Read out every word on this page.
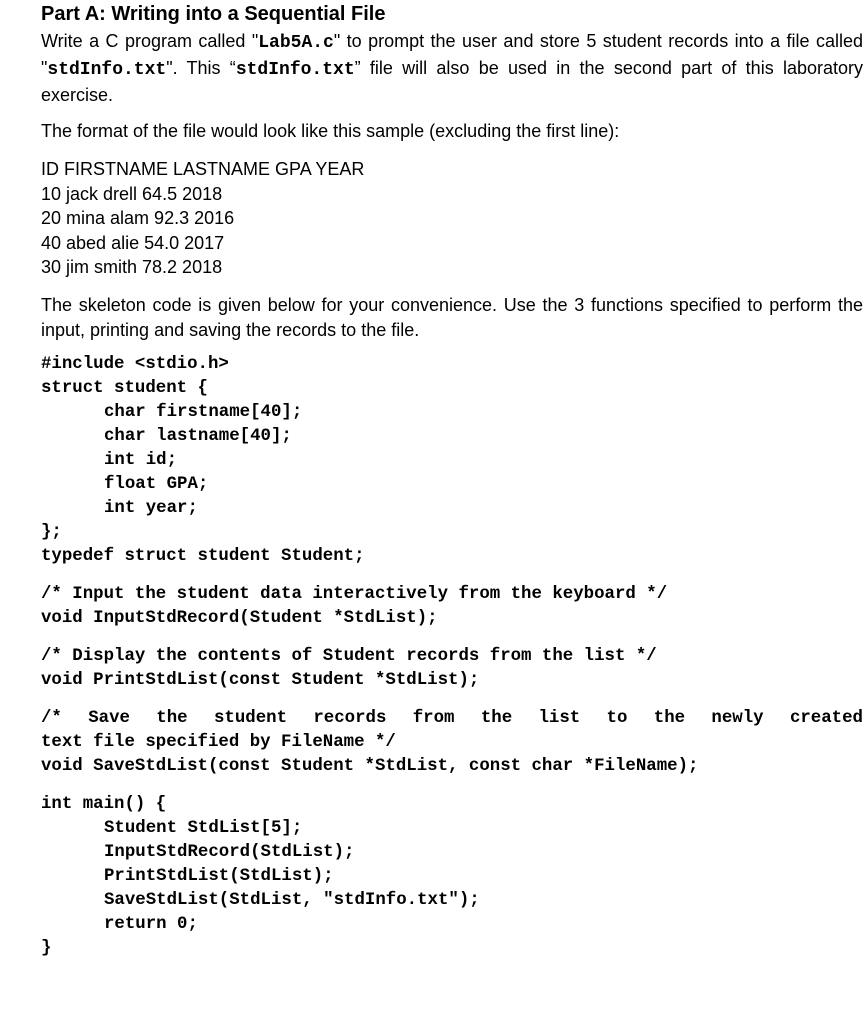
Part A: Writing into a Sequential File

Write a C program called "Lab5A.c" to prompt the user and store 5 student records into a file called "stdInfo.txt". This “stdInfo.txt” file will also be used in the second part of this laboratory exercise.

The format of the file would look like this sample (excluding the first line):

ID FIRSTNAME LASTNAME GPA YEAR
10 jack drell 64.5 2018
20 mina alam 92.3 2016
40 abed alie 54.0 2017
30 jim smith 78.2 2018

The skeleton code is given below for your convenience. Use the 3 functions specified to perform the input, printing and saving the records to the file.

#include <stdio.h>
struct student {
char firstname[40];
char lastname[40];
int id;
float GPA;
int year;
};
typedef struct student Student;
/* Input the student data interactively from the keyboard */
void InputStdRecord(Student *StdList);
/* Display the contents of Student records from the list */
void PrintStdList(const Student *StdList);
/* Save the student records from the list to the newly created
text file specified by FileName */
void SaveStdList(const Student *StdList, const char *FileName);
int main() {
Student StdList[5];
InputStdRecord(StdList);
PrintStdList(StdList);
SaveStdList(StdList, "stdInfo.txt");
return 0;
}
